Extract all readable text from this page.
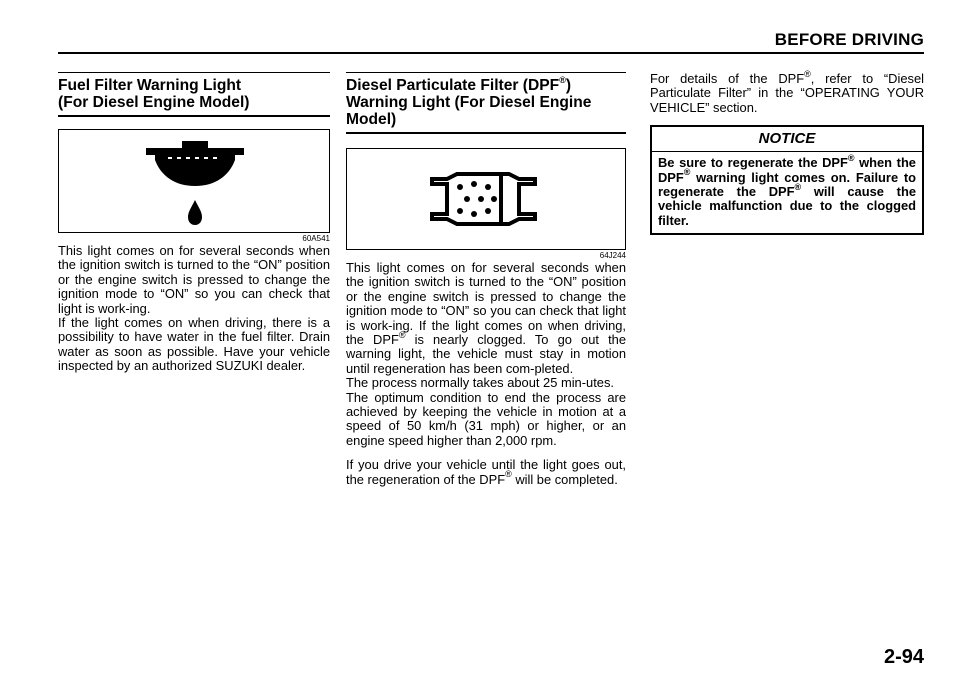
BEFORE DRIVING
Fuel Filter Warning Light
(For Diesel Engine Model)
60A541

This light comes on for several seconds when the ignition switch is turned to the “ON” position or the engine switch is pressed to change the ignition mode to “ON” so you can check that light is work-ing.

If the light comes on when driving, there is a possibility to have water in the fuel filter. Drain water as soon as possible. Have your vehicle inspected by an authorized SUZUKI dealer.

Diesel Particulate Filter (DPF®)
Warning Light (For Diesel Engine
Model)
64J244

This light comes on for several seconds when the ignition switch is turned to the “ON” position or the engine switch is pressed to change the ignition mode to “ON” so you can check that light is work-ing. If the light comes on when driving, the DPF® is nearly clogged. To go out the warning light, the vehicle must stay in motion until regeneration has been com-pleted.

The process normally takes about 25 min-utes.

The optimum condition to end the process are achieved by keeping the vehicle in motion at a speed of 50 km/h (31 mph) or higher, or an engine speed higher than 2,000 rpm.

If you drive your vehicle until the light goes out, the regeneration of the DPF® will be completed.

For details of the DPF®, refer to “Diesel Particulate Filter” in the “OPERATING YOUR VEHICLE” section.

NOTICE
Be sure to regenerate the DPF® when the DPF® warning light comes on. Failure to regenerate the DPF® will cause the vehicle malfunction due to the clogged filter.
2-94
